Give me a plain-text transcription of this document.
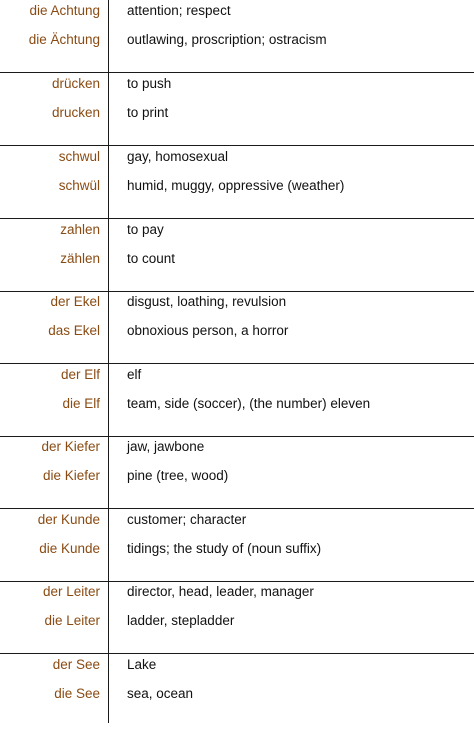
die Achtung attention; respect
die Ächtung outlawing, proscription; ostracism
drücken to push
drucken to print
schwul gay, homosexual
schwül humid, muggy, oppressive (weather)
zahlen to pay
zählen to count
der Ekel disgust, loathing, revulsion
das Ekel obnoxious person, a horror
der Elf elf
die Elf team, side (soccer), (the number) eleven
der Kiefer jaw, jawbone
die Kiefer pine (tree, wood)
der Kunde customer; character
die Kunde tidings; the study of (noun suffix)
der Leiter director, head, leader, manager
die Leiter ladder, stepladder
der See Lake
die See sea, ocean
